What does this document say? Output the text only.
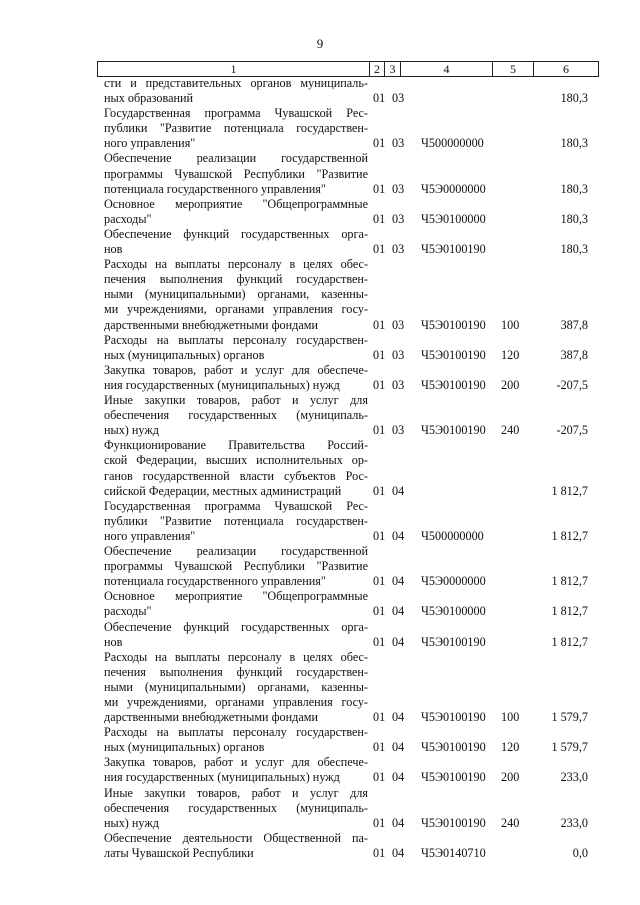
9
1	2 3	4	5	6
сти и представительных органов муниципаль-
ных образований	01 03	180,3
Государственная программа Чувашской Рес-
публики "Развитие потенциала государствен-
ного управления"	01 03 Ч500000000	180,3
Обеспечение реализации государственной
программы Чувашской Республики "Развитие
потенциала государственного управления"	01 03 Ч5Э0000000	180,3
Основное мероприятие "Общепрограммные
расходы"	01 03 Ч5Э0100000	180,3
Обеспечение функций государственных орга-
нов	01 03 Ч5Э0100190	180,3
Расходы на выплаты персоналу в целях обес-
печения выполнения функций государствен-
ными (муниципальными) органами, казенны-
ми учреждениями, органами управления госу-
дарственными внебюджетными фондами	01 03 Ч5Э0100190 100	387,8
Расходы на выплаты персоналу государствен-
ных (муниципальных) органов	01 03 Ч5Э0100190 120	387,8
Закупка товаров, работ и услуг для обеспече-
ния государственных (муниципальных) нужд	01 03 Ч5Э0100190 200	-207,5
Иные закупки товаров, работ и услуг для
обеспечения государственных (муниципаль-
ных) нужд	01 03 Ч5Э0100190 240	-207,5
Функционирование Правительства Россий-
ской Федерации, высших исполнительных ор-
ганов государственной власти субъектов Рос-
сийской Федерации, местных администраций	01 04	1 812,7
Государственная программа Чувашской Рес-
публики "Развитие потенциала государствен-
ного управления"	01 04 Ч500000000	1 812,7
Обеспечение реализации государственной
программы Чувашской Республики "Развитие
потенциала государственного управления"	01 04 Ч5Э0000000	1 812,7
Основное мероприятие "Общепрограммные
расходы"	01 04 Ч5Э0100000	1 812,7
Обеспечение функций государственных орга-
нов	01 04 Ч5Э0100190	1 812,7
Расходы на выплаты персоналу в целях обес-
печения выполнения функций государствен-
ными (муниципальными) органами, казенны-
ми учреждениями, органами управления госу-
дарственными внебюджетными фондами	01 04 Ч5Э0100190 100	1 579,7
Расходы на выплаты персоналу государствен-
ных (муниципальных) органов	01 04 Ч5Э0100190 120	1 579,7
Закупка товаров, работ и услуг для обеспече-
ния государственных (муниципальных) нужд	01 04 Ч5Э0100190 200	233,0
Иные закупки товаров, работ и услуг для
обеспечения государственных (муниципаль-
ных) нужд	01 04 Ч5Э0100190 240	233,0
Обеспечение деятельности Общественной па-
латы Чувашской Республики	01 04 Ч5Э0140710	0,0
